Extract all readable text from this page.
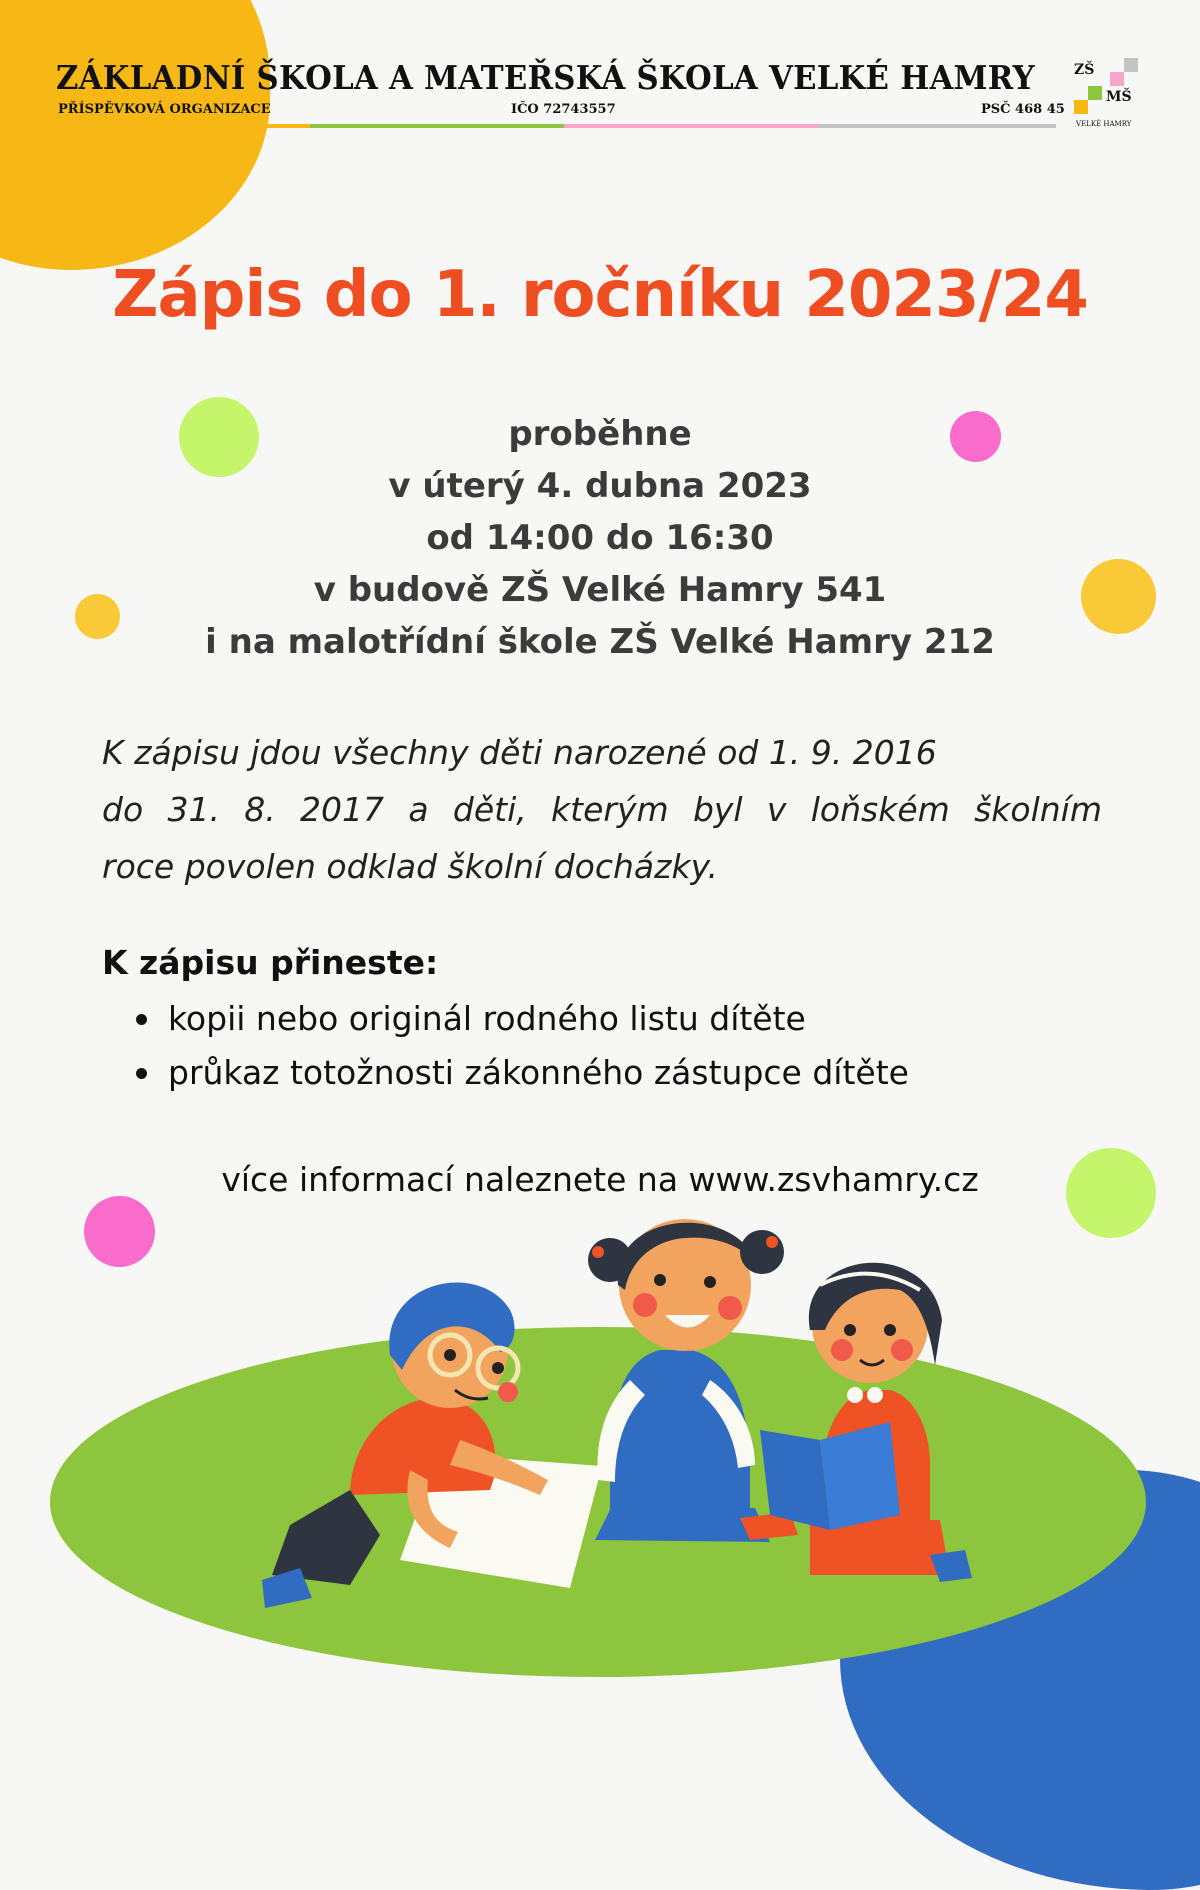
ZÁKLADNÍ ŠKOLA A MATEŘSKÁ ŠKOLA VELKÉ HAMRY
PŘÍSPĚVKOVÁ ORGANIZACE	IČO 72743557	PSČ 468 45
ZŠ
MŠ
VELKÉ HAMRY
Zápis do 1. ročníku 2023/24
proběhne
v úterý 4. dubna 2023
od 14:00 do 16:30
v budově ZŠ Velké Hamry 541
i na malotřídní škole ZŠ Velké Hamry 212
K zápisu jdou všechny děti narozené od 1. 9. 2016
do 31. 8. 2017 a děti, kterým byl v loňském školním
roce povolen odklad školní docházky.
K zápisu přineste:
kopii nebo originál rodného listu dítěte
průkaz totožnosti zákonného zástupce dítěte
více informací naleznete na www.zsvhamry.cz
